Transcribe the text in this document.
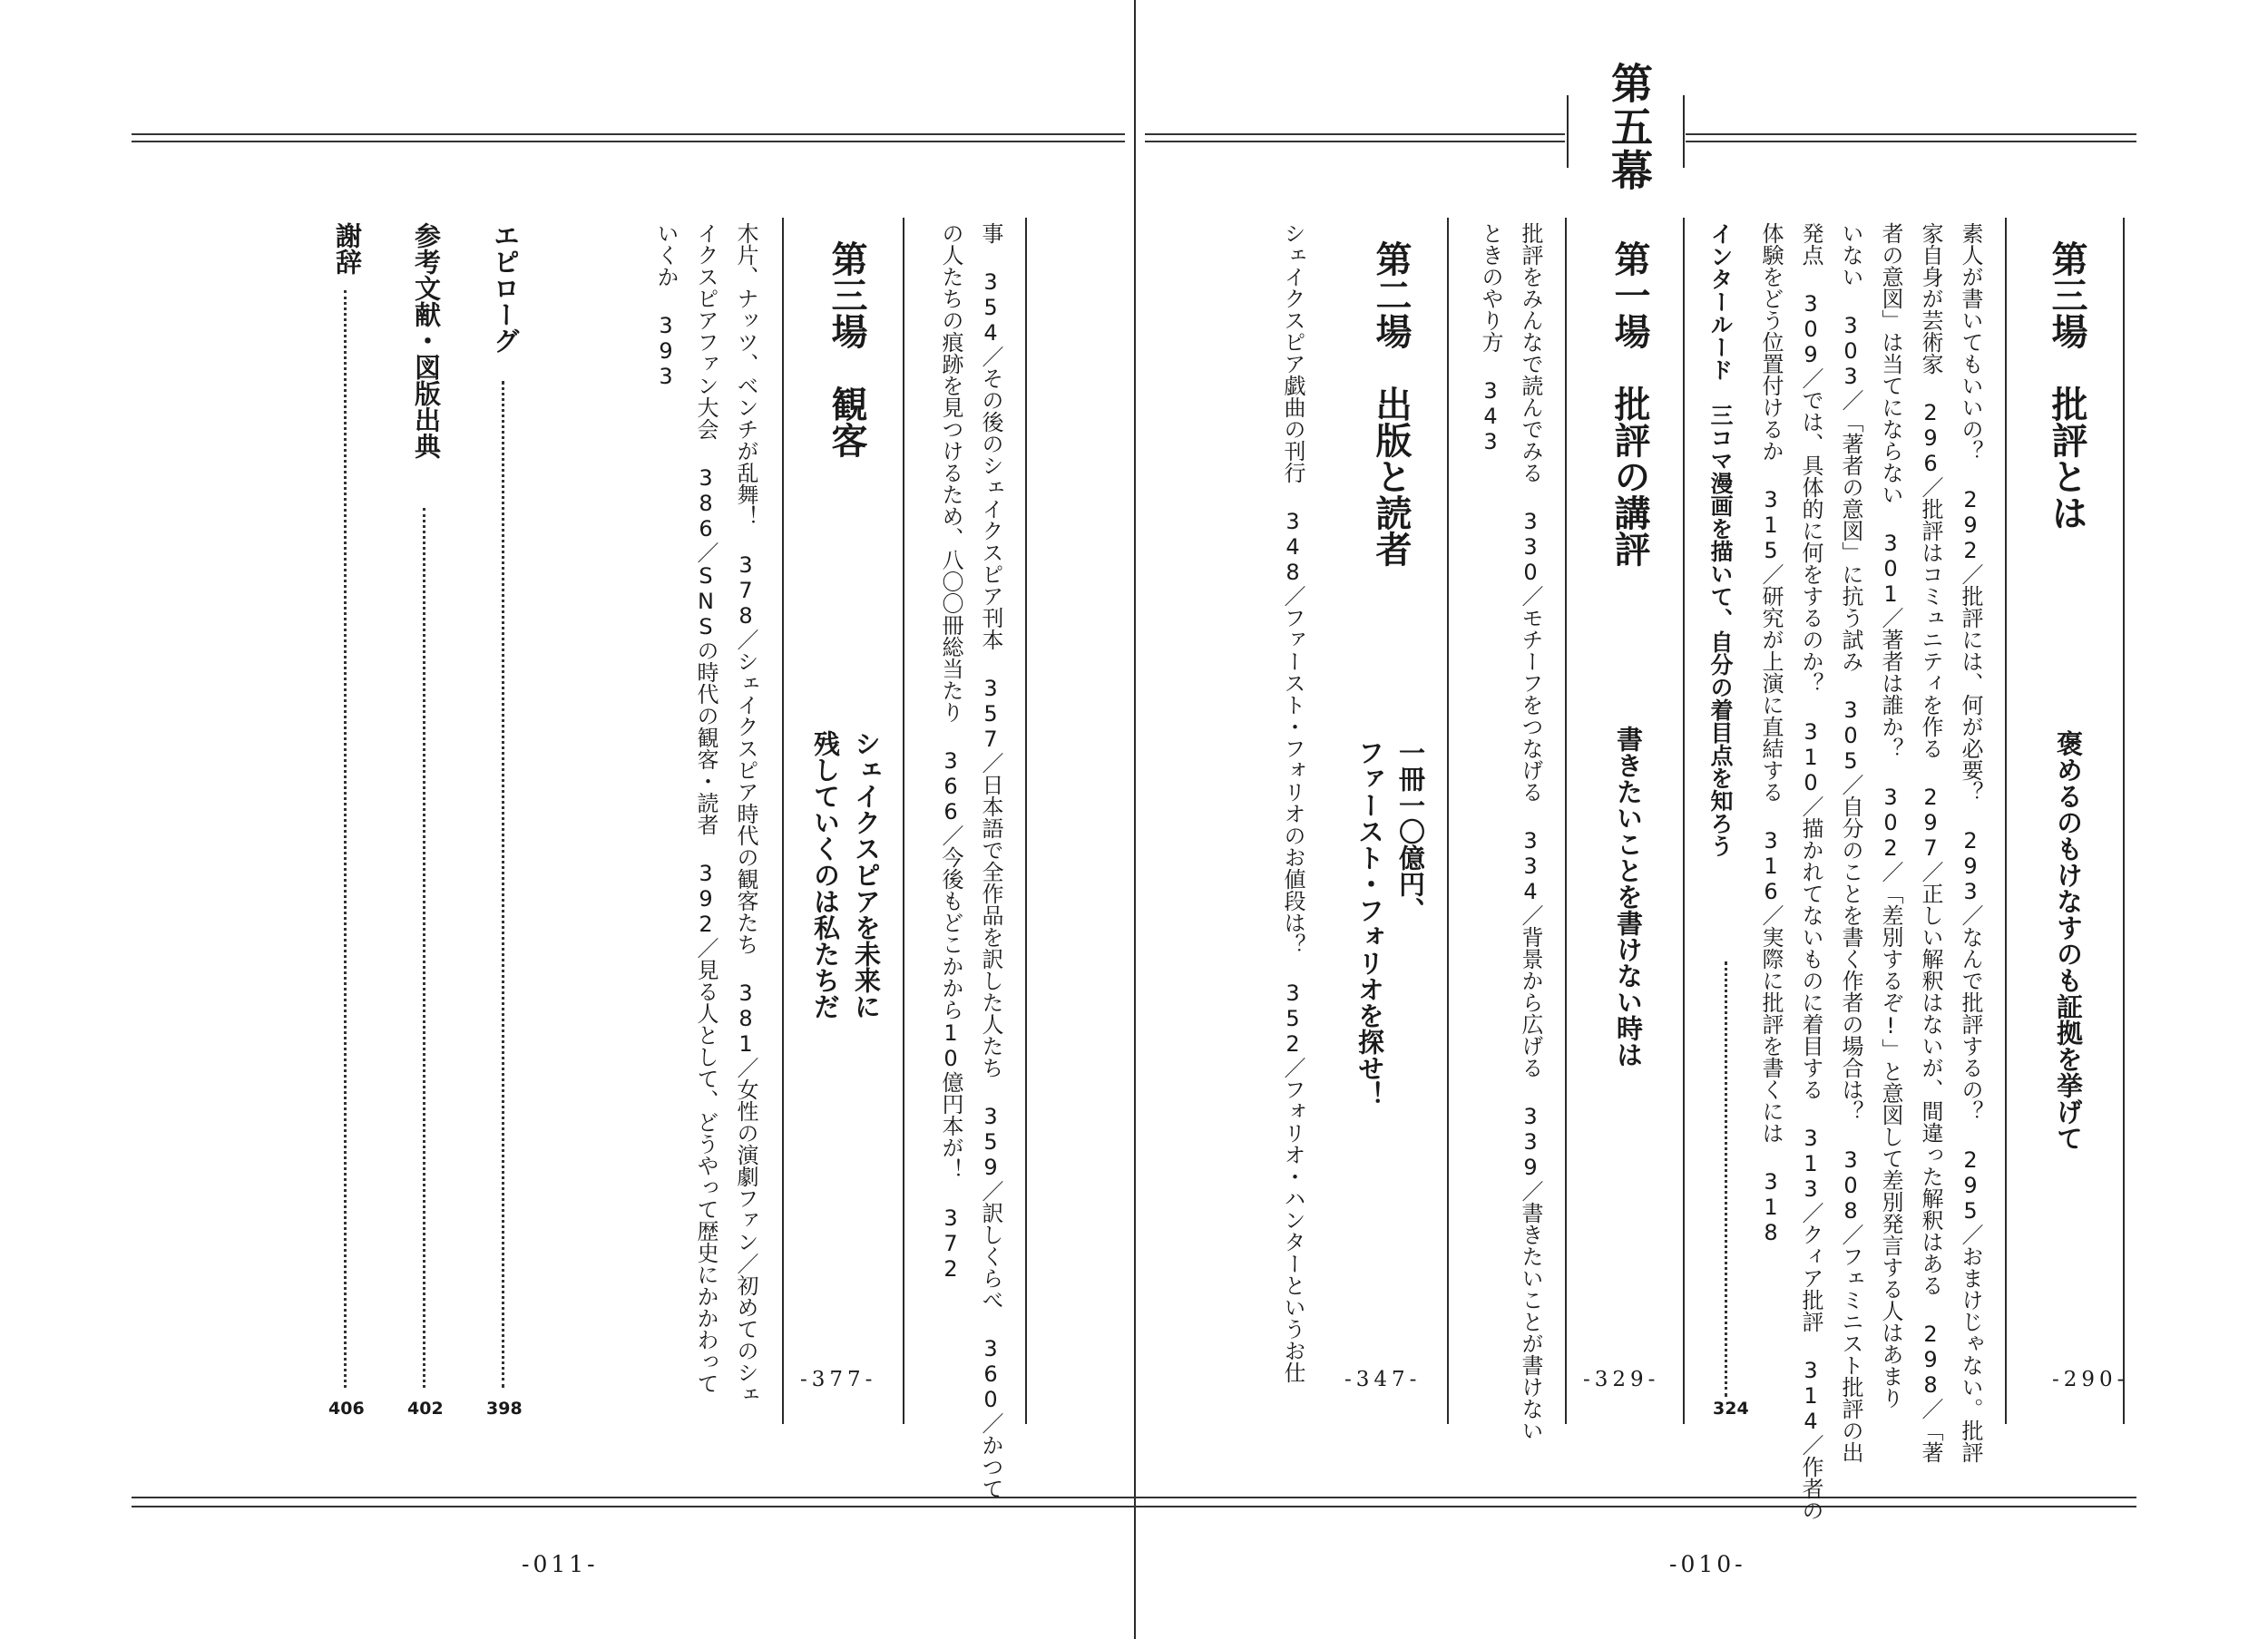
第五幕
第三場　批評とは
褒めるのもけなすのも証拠を挙げて
-290-
素人が書いてもいいの？ 292／批評には、何が必要？ 293／なんで批評するの？ 295／おまけじゃない。批評
家自身が芸術家 296／批評はコミュニティを作る 297／正しい解釈はないが、間違った解釈はある 298／「著
者の意図」は当てにならない 301／著者は誰か？ 302／「差別するぞ!」と意図して差別発言する人はあまり
いない 303／「著者の意図」に抗う試み 305／自分のことを書く作者の場合は？ 308／フェミニスト批評の出
発点 309／では、具体的に何をするのか？ 310／描かれてないものに着目する 313／クィア批評 314／作者の
体験をどう位置付けるか 315／研究が上演に直結する 316／実際に批評を書くには 318
インタールード　三コマ漫画を描いて、自分の着目点を知ろう
324
第一場　批評の講評
書きたいことを書けない時は
-329-
批評をみんなで読んでみる 330／モチーフをつなげる 334／背景から広げる 339／書きたいことが書けない
ときのやり方 343
第二場　出版と読者
一冊一〇億円、
ファースト・フォリオを探せ！
-347-
シェイクスピア戯曲の刊行 348／ファースト・フォリオのお値段は？ 352／フォリオ・ハンターというお仕
事 354／その後のシェイクスピア刊本 357／日本語で全作品を訳した人たち 359／訳しくらべ 360／かつて
の人たちの痕跡を見つけるため、八〇〇冊総当たり 366／今後もどこかから10億円本が！ 372
第三場　観客
シェイクスピアを未来に
残していくのは私たちだ
-377-
木片、ナッツ、ベンチが乱舞！ 378／シェイクスピア時代の観客たち 381／女性の演劇ファン／初めてのシェ
イクスピアファン大会 386／SNSの時代の観客・読者 392／見る人として、どうやって歴史にかかわって
いくか 393
エピローグ
398
参考文献・図版出典
402
謝辞
406
-011-	-010-
